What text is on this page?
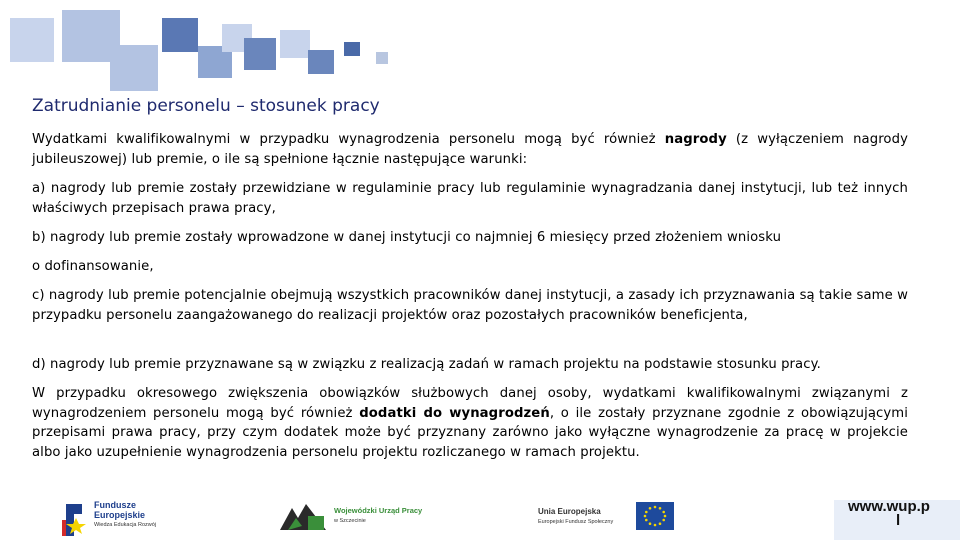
Zatrudnianie personelu – stosunek pracy
Wydatkami kwalifikowalnymi w przypadku wynagrodzenia personelu mogą być również nagrody (z wyłączeniem nagrody jubileuszowej) lub premie, o ile są spełnione łącznie następujące warunki:
a) nagrody lub premie zostały przewidziane w regulaminie pracy lub regulaminie wynagradzania danej instytucji, lub też innych właściwych przepisach prawa pracy,
b) nagrody lub premie zostały wprowadzone w danej instytucji co najmniej 6 miesięcy przed złożeniem wniosku
o dofinansowanie,
c) nagrody lub premie potencjalnie obejmują wszystkich pracowników danej instytucji, a zasady ich przyznawania są takie same w przypadku personelu zaangażowanego do realizacji projektów oraz pozostałych pracowników beneficjenta,
d) nagrody lub premie przyznawane są w związku z realizacją zadań w ramach projektu na podstawie stosunku pracy.
W przypadku okresowego zwiększenia obowiązków służbowych danej osoby, wydatkami kwalifikowalnymi związanymi z wynagrodzeniem personelu mogą być również dodatki do wynagrodzeń, o ile zostały przyznane zgodnie z obowiązującymi przepisami prawa pracy, przy czym dodatek może być przyznany zarówno jako wyłączne wynagrodzenie za pracę w projekcie albo jako uzupełnienie wynagrodzenia personelu projektu rozliczanego w ramach projektu.
Fundusze
Europejskie
Wiedza Edukacja Rozwój
Wojewódzki Urząd Pracy
w Szczecinie
Unia Europejska
Europejski Fundusz Społeczny
www.wup.p
l
